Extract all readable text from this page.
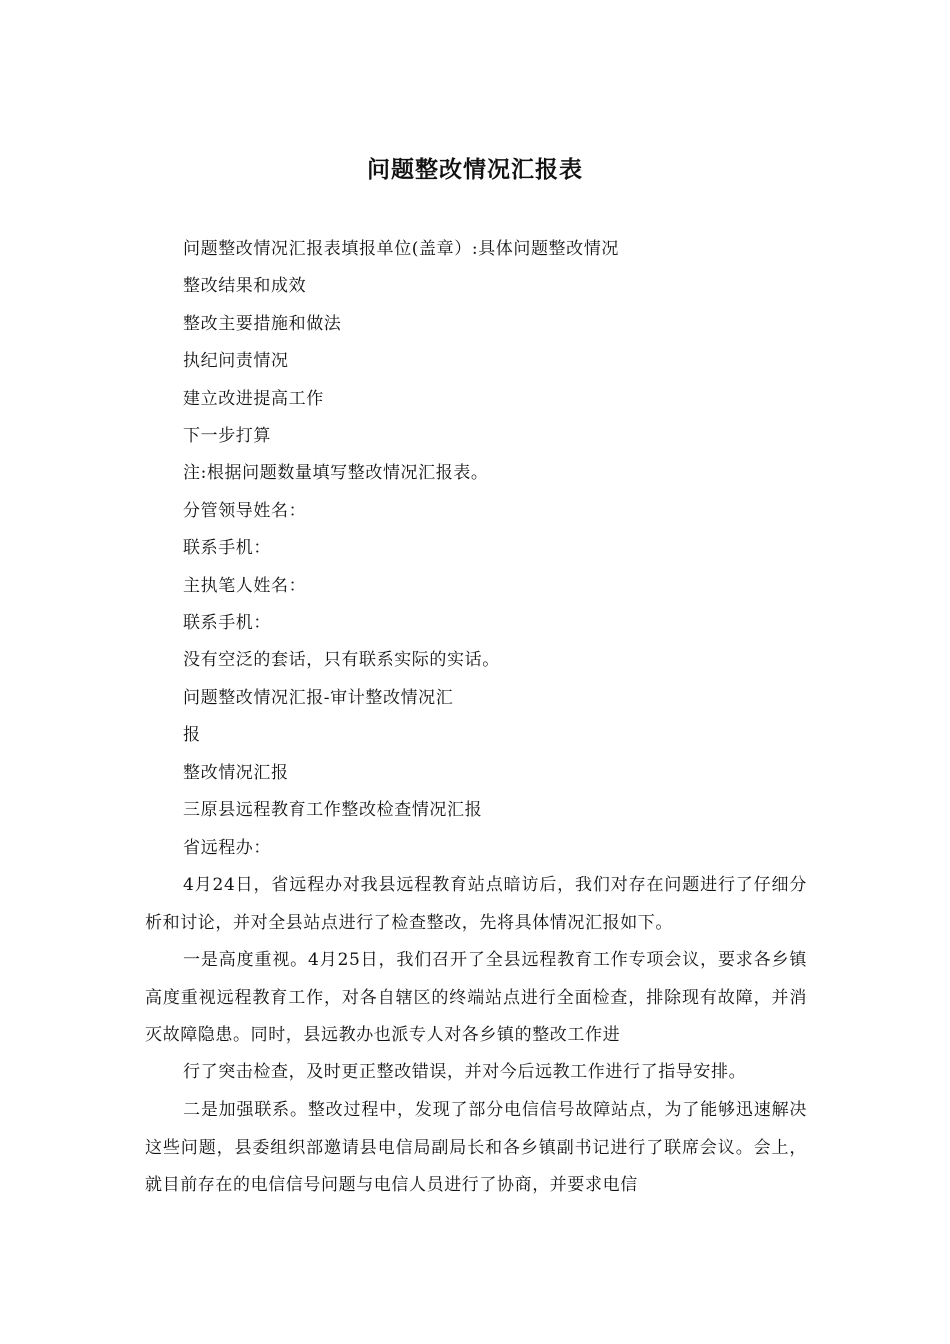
问题整改情况汇报表
问题整改情况汇报表填报单位(盖章）:具体问题整改情况
整改结果和成效
整改主要措施和做法
执纪问责情况
建立改进提高工作
下一步打算
注:根据问题数量填写整改情况汇报表。
分管领导姓名：
联系手机：
主执笔人姓名：
联系手机：
没有空泛的套话，只有联系实际的实话。
问题整改情况汇报-审计整改情况汇
报
整改情况汇报
三原县远程教育工作整改检查情况汇报
省远程办：
4月24日，省远程办对我县远程教育站点暗访后，我们对存在问题进行了仔细分析和讨论，并对全县站点进行了检查整改，先将具体情况汇报如下。
一是高度重视。4月25日，我们召开了全县远程教育工作专项会议，要求各乡镇高度重视远程教育工作，对各自辖区的终端站点进行全面检查，排除现有故障，并消灭故障隐患。同时，县远教办也派专人对各乡镇的整改工作进
行了突击检查，及时更正整改错误，并对今后远教工作进行了指导安排。
二是加强联系。整改过程中，发现了部分电信信号故障站点，为了能够迅速解决这些问题，县委组织部邀请县电信局副局长和各乡镇副书记进行了联席会议。会上，就目前存在的电信信号问题与电信人员进行了协商，并要求电信
